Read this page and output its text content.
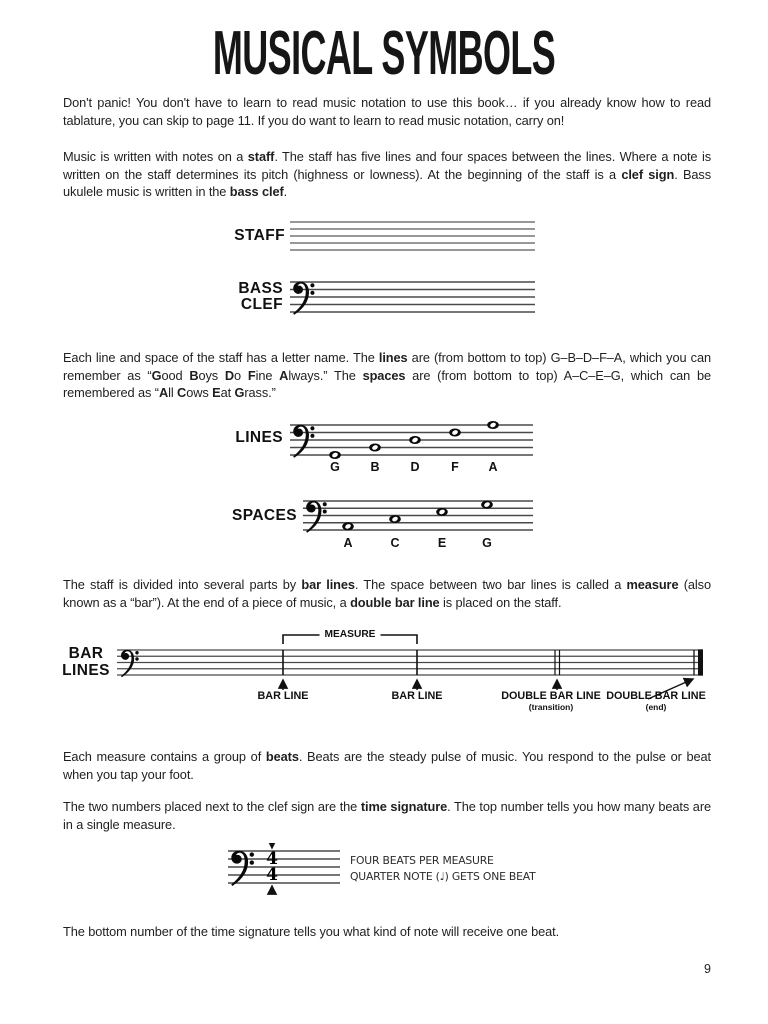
MUSICAL SYMBOLS

Don't panic! You don't have to learn to read music notation to use this book… if you already know how to read tablature, you can skip to page 11. If you do want to learn to read music notation, carry on!

Music is written with notes on a staff. The staff has five lines and four spaces between the lines. Where a note is written on the staff determines its pitch (highness or lowness). At the beginning of the staff is a clef sign. Bass ukulele music is written in the bass clef.

Each line and space of the staff has a letter name. The lines are (from bottom to top) G–B–D–F–A, which you can remember as “Good Boys Do Fine Always.” The spaces are (from bottom to top) A–C–E–G, which can be remembered as “All Cows Eat Grass.”

The staff is divided into several parts by bar lines. The space between two bar lines is called a measure (also known as a “bar”). At the end of a piece of music, a double bar line is placed on the staff.

Each measure contains a group of beats. Beats are the steady pulse of music. You respond to the pulse or beat when you tap your foot.

The two numbers placed next to the clef sign are the time signature. The top number tells you how many beats are in a single measure.

The bottom number of the time signature tells you what kind of note will receive one beat.

STAFF
BASS
CLEF
LINES
G B D	F A
SPACES
A	C	E	G
BAR
LINES
MEASURE
BAR LINE	BAR LINE	DOUBLE BAR LINE
(transition)
DOUBLE BAR LINE
(end)
4
4
FOUR BEATS PER MEASURE
QUARTER NOTE (♩) GETS ONE BEAT
9
